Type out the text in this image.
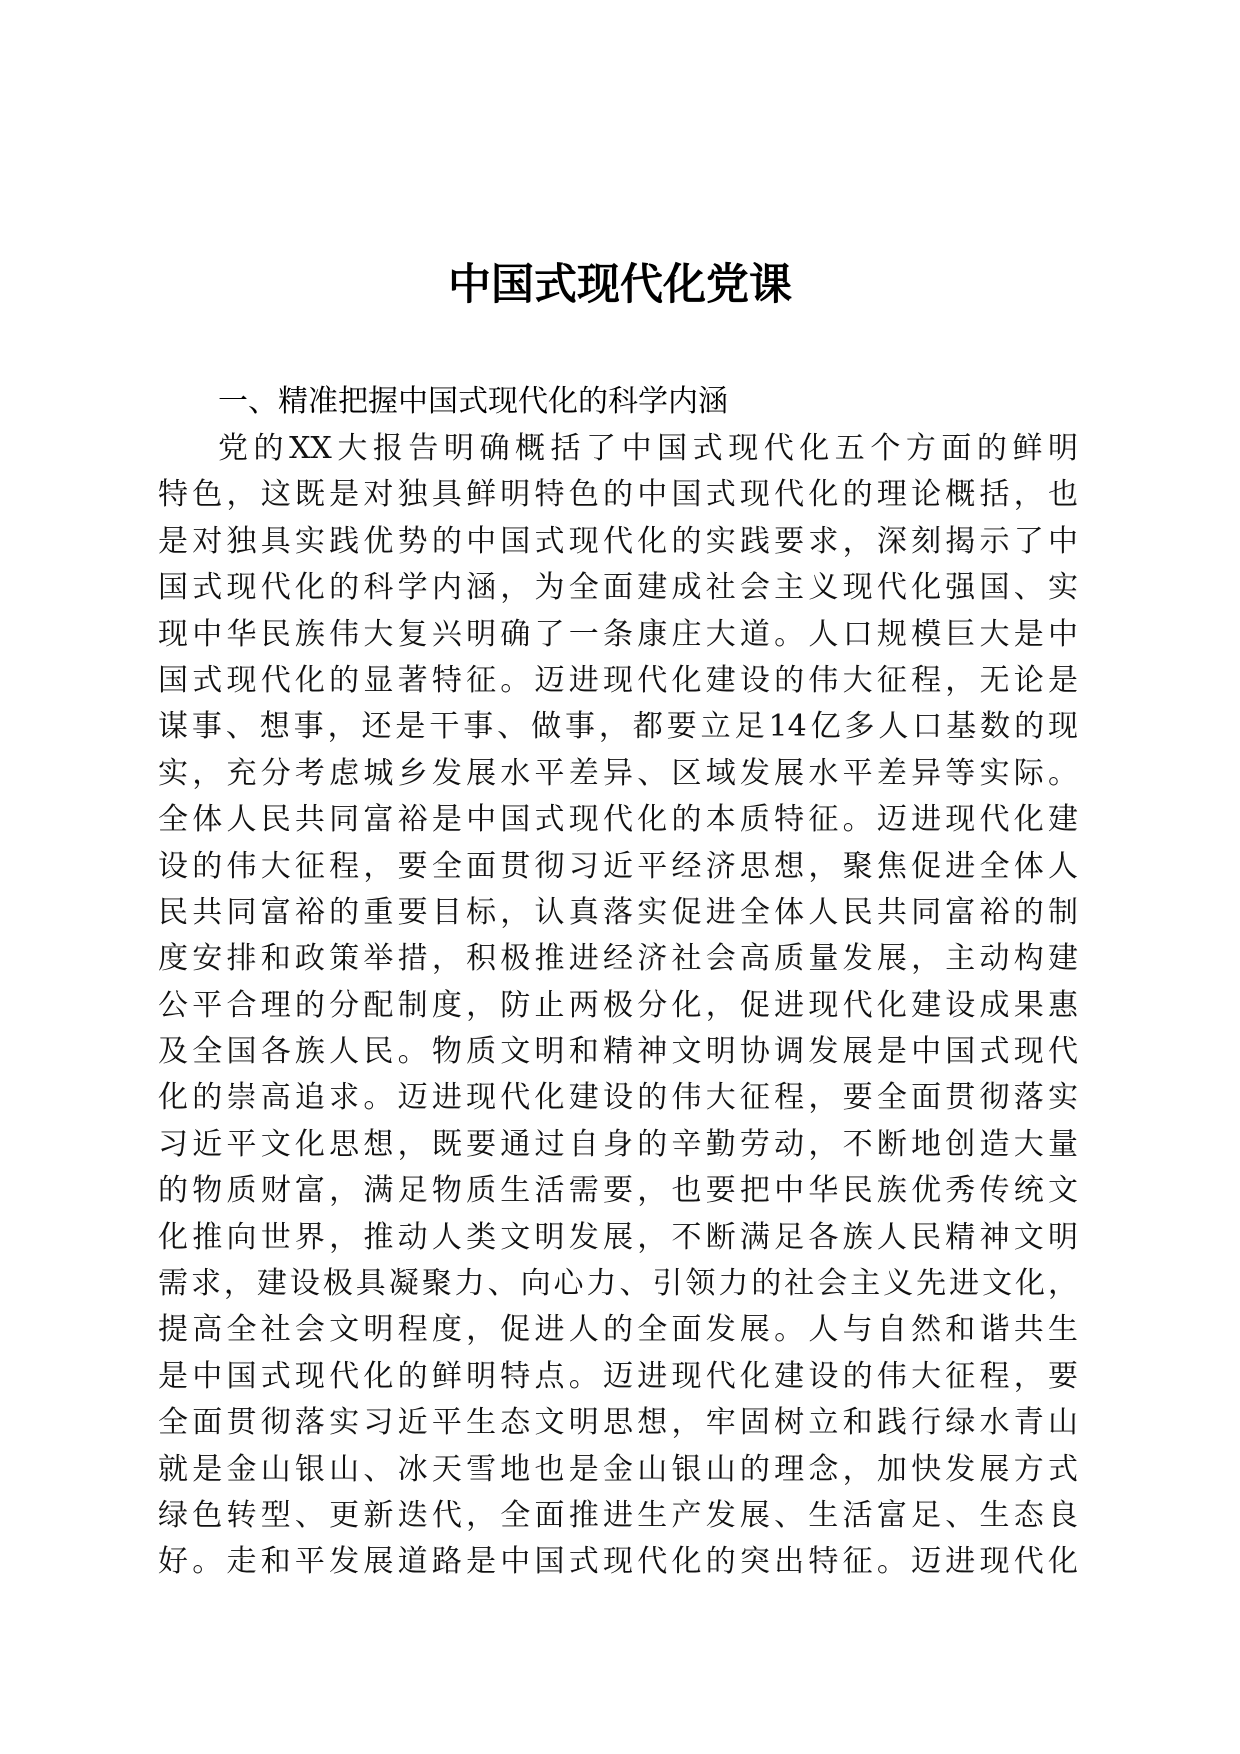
中国式现代化党课
一、精准把握中国式现代化的科学内涵
党的XX大报告明确概括了中国式现代化五个方面的鲜明
特色，这既是对独具鲜明特色的中国式现代化的理论概括，也
是对独具实践优势的中国式现代化的实践要求，深刻揭示了中
国式现代化的科学内涵，为全面建成社会主义现代化强国、实
现中华民族伟大复兴明确了一条康庄大道。人口规模巨大是中
国式现代化的显著特征。迈进现代化建设的伟大征程，无论是
谋事、想事，还是干事、做事，都要立足14亿多人口基数的现
实，充分考虑城乡发展水平差异、区域发展水平差异等实际。
全体人民共同富裕是中国式现代化的本质特征。迈进现代化建
设的伟大征程，要全面贯彻习近平经济思想，聚焦促进全体人
民共同富裕的重要目标，认真落实促进全体人民共同富裕的制
度安排和政策举措，积极推进经济社会高质量发展，主动构建
公平合理的分配制度，防止两极分化，促进现代化建设成果惠
及全国各族人民。物质文明和精神文明协调发展是中国式现代
化的崇高追求。迈进现代化建设的伟大征程，要全面贯彻落实
习近平文化思想，既要通过自身的辛勤劳动，不断地创造大量
的物质财富，满足物质生活需要，也要把中华民族优秀传统文
化推向世界，推动人类文明发展，不断满足各族人民精神文明
需求，建设极具凝聚力、向心力、引领力的社会主义先进文化，
提高全社会文明程度，促进人的全面发展。人与自然和谐共生
是中国式现代化的鲜明特点。迈进现代化建设的伟大征程，要
全面贯彻落实习近平生态文明思想，牢固树立和践行绿水青山
就是金山银山、冰天雪地也是金山银山的理念，加快发展方式
绿色转型、更新迭代，全面推进生产发展、生活富足、生态良
好。走和平发展道路是中国式现代化的突出特征。迈进现代化
